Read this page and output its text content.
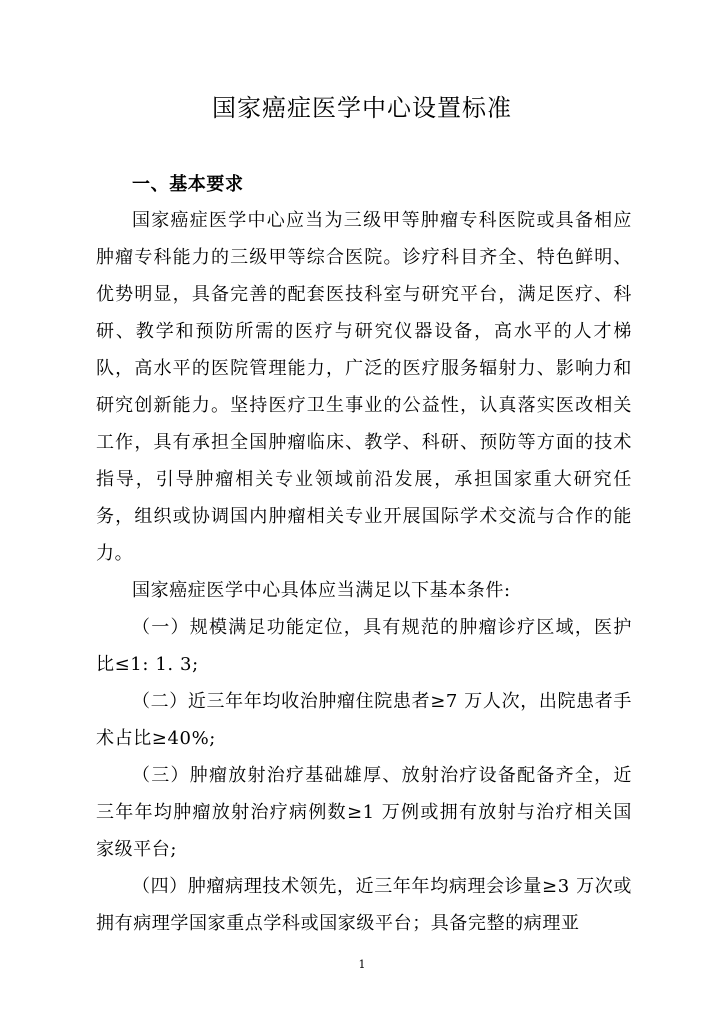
国家癌症医学中心设置标准

一、基本要求

国家癌症医学中心应当为三级甲等肿瘤专科医院或具备相应肿瘤专科能力的三级甲等综合医院。诊疗科目齐全、特色鲜明、优势明显，具备完善的配套医技科室与研究平台，满足医疗、科研、教学和预防所需的医疗与研究仪器设备，高水平的人才梯队，高水平的医院管理能力，广泛的医疗服务辐射力、影响力和研究创新能力。坚持医疗卫生事业的公益性，认真落实医改相关工作，具有承担全国肿瘤临床、教学、科研、预防等方面的技术指导，引导肿瘤相关专业领域前沿发展，承担国家重大研究任务，组织或协调国内肿瘤相关专业开展国际学术交流与合作的能力。

国家癌症医学中心具体应当满足以下基本条件:

（一）规模满足功能定位，具有规范的肿瘤诊疗区域，医护比≤1: 1. 3;

（二）近三年年均收治肿瘤住院患者≥7 万人次，出院患者手术占比≥40%;

（三）肿瘤放射治疗基础雄厚、放射治疗设备配备齐全，近三年年均肿瘤放射治疗病例数≥1 万例或拥有放射与治疗相关国家级平台;

（四）肿瘤病理技术领先，近三年年均病理会诊量≥3 万次或拥有病理学国家重点学科或国家级平台；具备完整的病理亚

1
